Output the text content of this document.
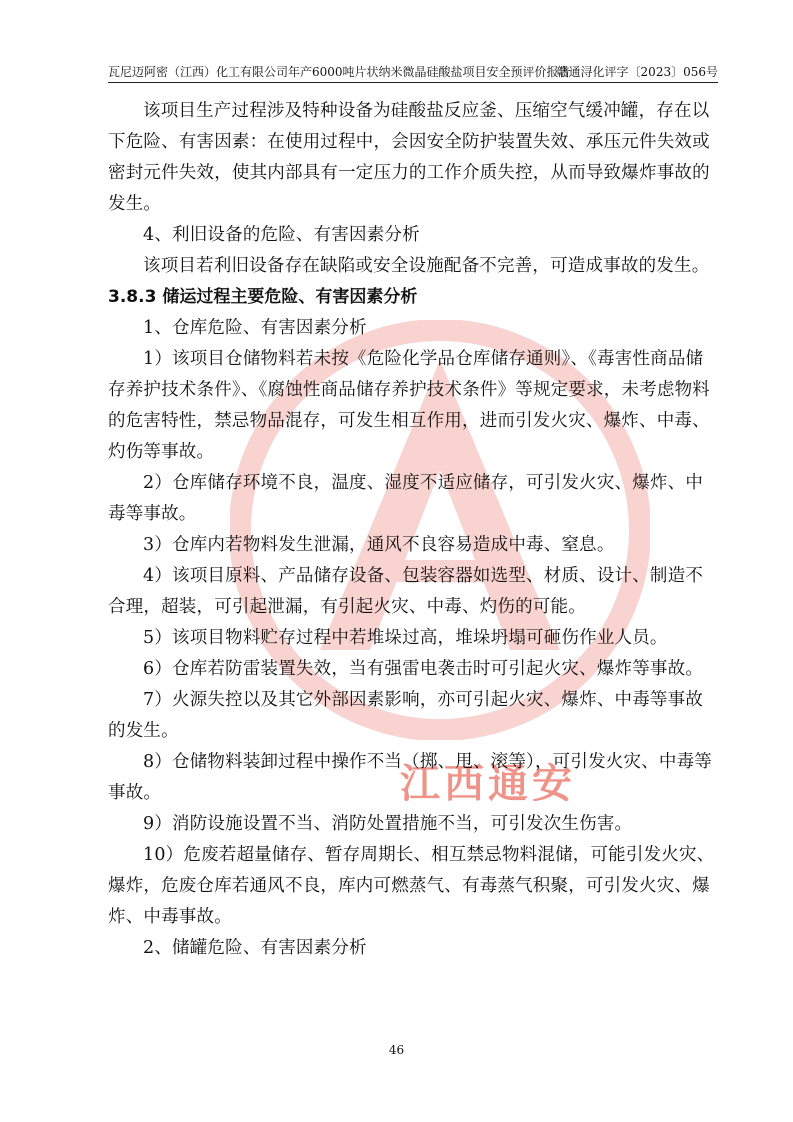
瓦尼迈阿密（江西）化工有限公司年产6000吨片状纳米微晶硅酸盐项目安全预评价报告
赣通浔化评字〔2023〕056号
江西通安

该项目生产过程涉及特种设备为硅酸盐反应釜、压缩空气缓冲罐，存在以下危险、有害因素：在使用过程中，会因安全防护装置失效、承压元件失效或密封元件失效，使其内部具有一定压力的工作介质失控，从而导致爆炸事故的发生。

4、利旧设备的危险、有害因素分析

该项目若利旧设备存在缺陷或安全设施配备不完善，可造成事故的发生。

3.8.3 储运过程主要危险、有害因素分析

1、仓库危险、有害因素分析

1）该项目仓储物料若未按《危险化学品仓库储存通则》、《毒害性商品储存养护技术条件》、《腐蚀性商品储存养护技术条件》等规定要求，未考虑物料的危害特性，禁忌物品混存，可发生相互作用，进而引发火灾、爆炸、中毒、灼伤等事故。

2）仓库储存环境不良，温度、湿度不适应储存，可引发火灾、爆炸、中毒等事故。

3）仓库内若物料发生泄漏，通风不良容易造成中毒、窒息。

4）该项目原料、产品储存设备、包装容器如选型、材质、设计、制造不合理，超装，可引起泄漏，有引起火灾、中毒、灼伤的可能。

5）该项目物料贮存过程中若堆垛过高，堆垛坍塌可砸伤作业人员。

6）仓库若防雷装置失效，当有强雷电袭击时可引起火灾、爆炸等事故。

7）火源失控以及其它外部因素影响，亦可引起火灾、爆炸、中毒等事故的发生。

8）仓储物料装卸过程中操作不当（掷、甩、滚等），可引发火灾、中毒等事故。

9）消防设施设置不当、消防处置措施不当，可引发次生伤害。

10）危废若超量储存、暂存周期长、相互禁忌物料混储，可能引发火灾、爆炸，危废仓库若通风不良，库内可燃蒸气、有毒蒸气积聚，可引发火灾、爆炸、中毒事故。

2、储罐危险、有害因素分析

46
